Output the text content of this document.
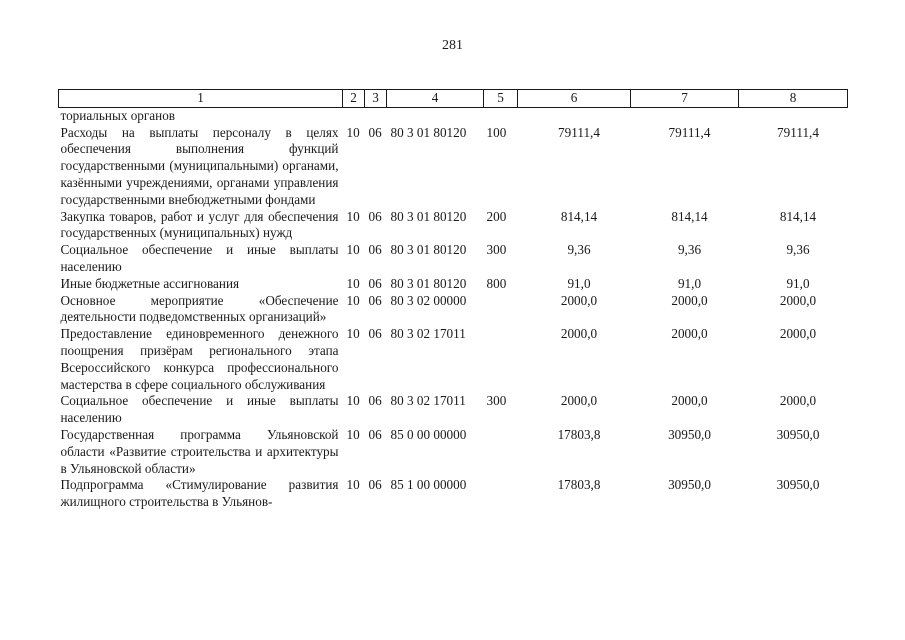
281
1	2	3	4	5	6	7	8
ториальных органов							
Расходы на выплаты персоналу в целях обеспечения выполнения функций государственными (муниципальными) органами, казёнными учреждениями, органами управления государственными внебюджетными фондами	10	06	80 3 01 80120	100	79111,4	79111,4	79111,4
Закупка товаров, работ и услуг для обеспечения государственных (муниципальных) нужд	10	06	80 3 01 80120	200	814,14	814,14	814,14
Социальное обеспечение и иные выплаты населению	10	06	80 3 01 80120	300	9,36	9,36	9,36
Иные бюджетные ассигнования	10	06	80 3 01 80120	800	91,0	91,0	91,0
Основное мероприятие «Обеспечение деятельности подведомственных организаций»	10	06	80 3 02 00000		2000,0	2000,0	2000,0
Предоставление единовременного денежного поощрения призёрам регионального этапа Всероссийского конкурса профессионального мастерства в сфере социального обслуживания	10	06	80 3 02 17011		2000,0	2000,0	2000,0
Социальное обеспечение и иные выплаты населению	10	06	80 3 02 17011	300	2000,0	2000,0	2000,0
Государственная программа Ульяновской области «Развитие строительства и архитектуры в Ульяновской области»	10	06	85 0 00 00000		17803,8	30950,0	30950,0
Подпрограмма «Стимулирование развития жилищного строительства в Ульянов-	10	06	85 1 00 00000		17803,8	30950,0	30950,0
